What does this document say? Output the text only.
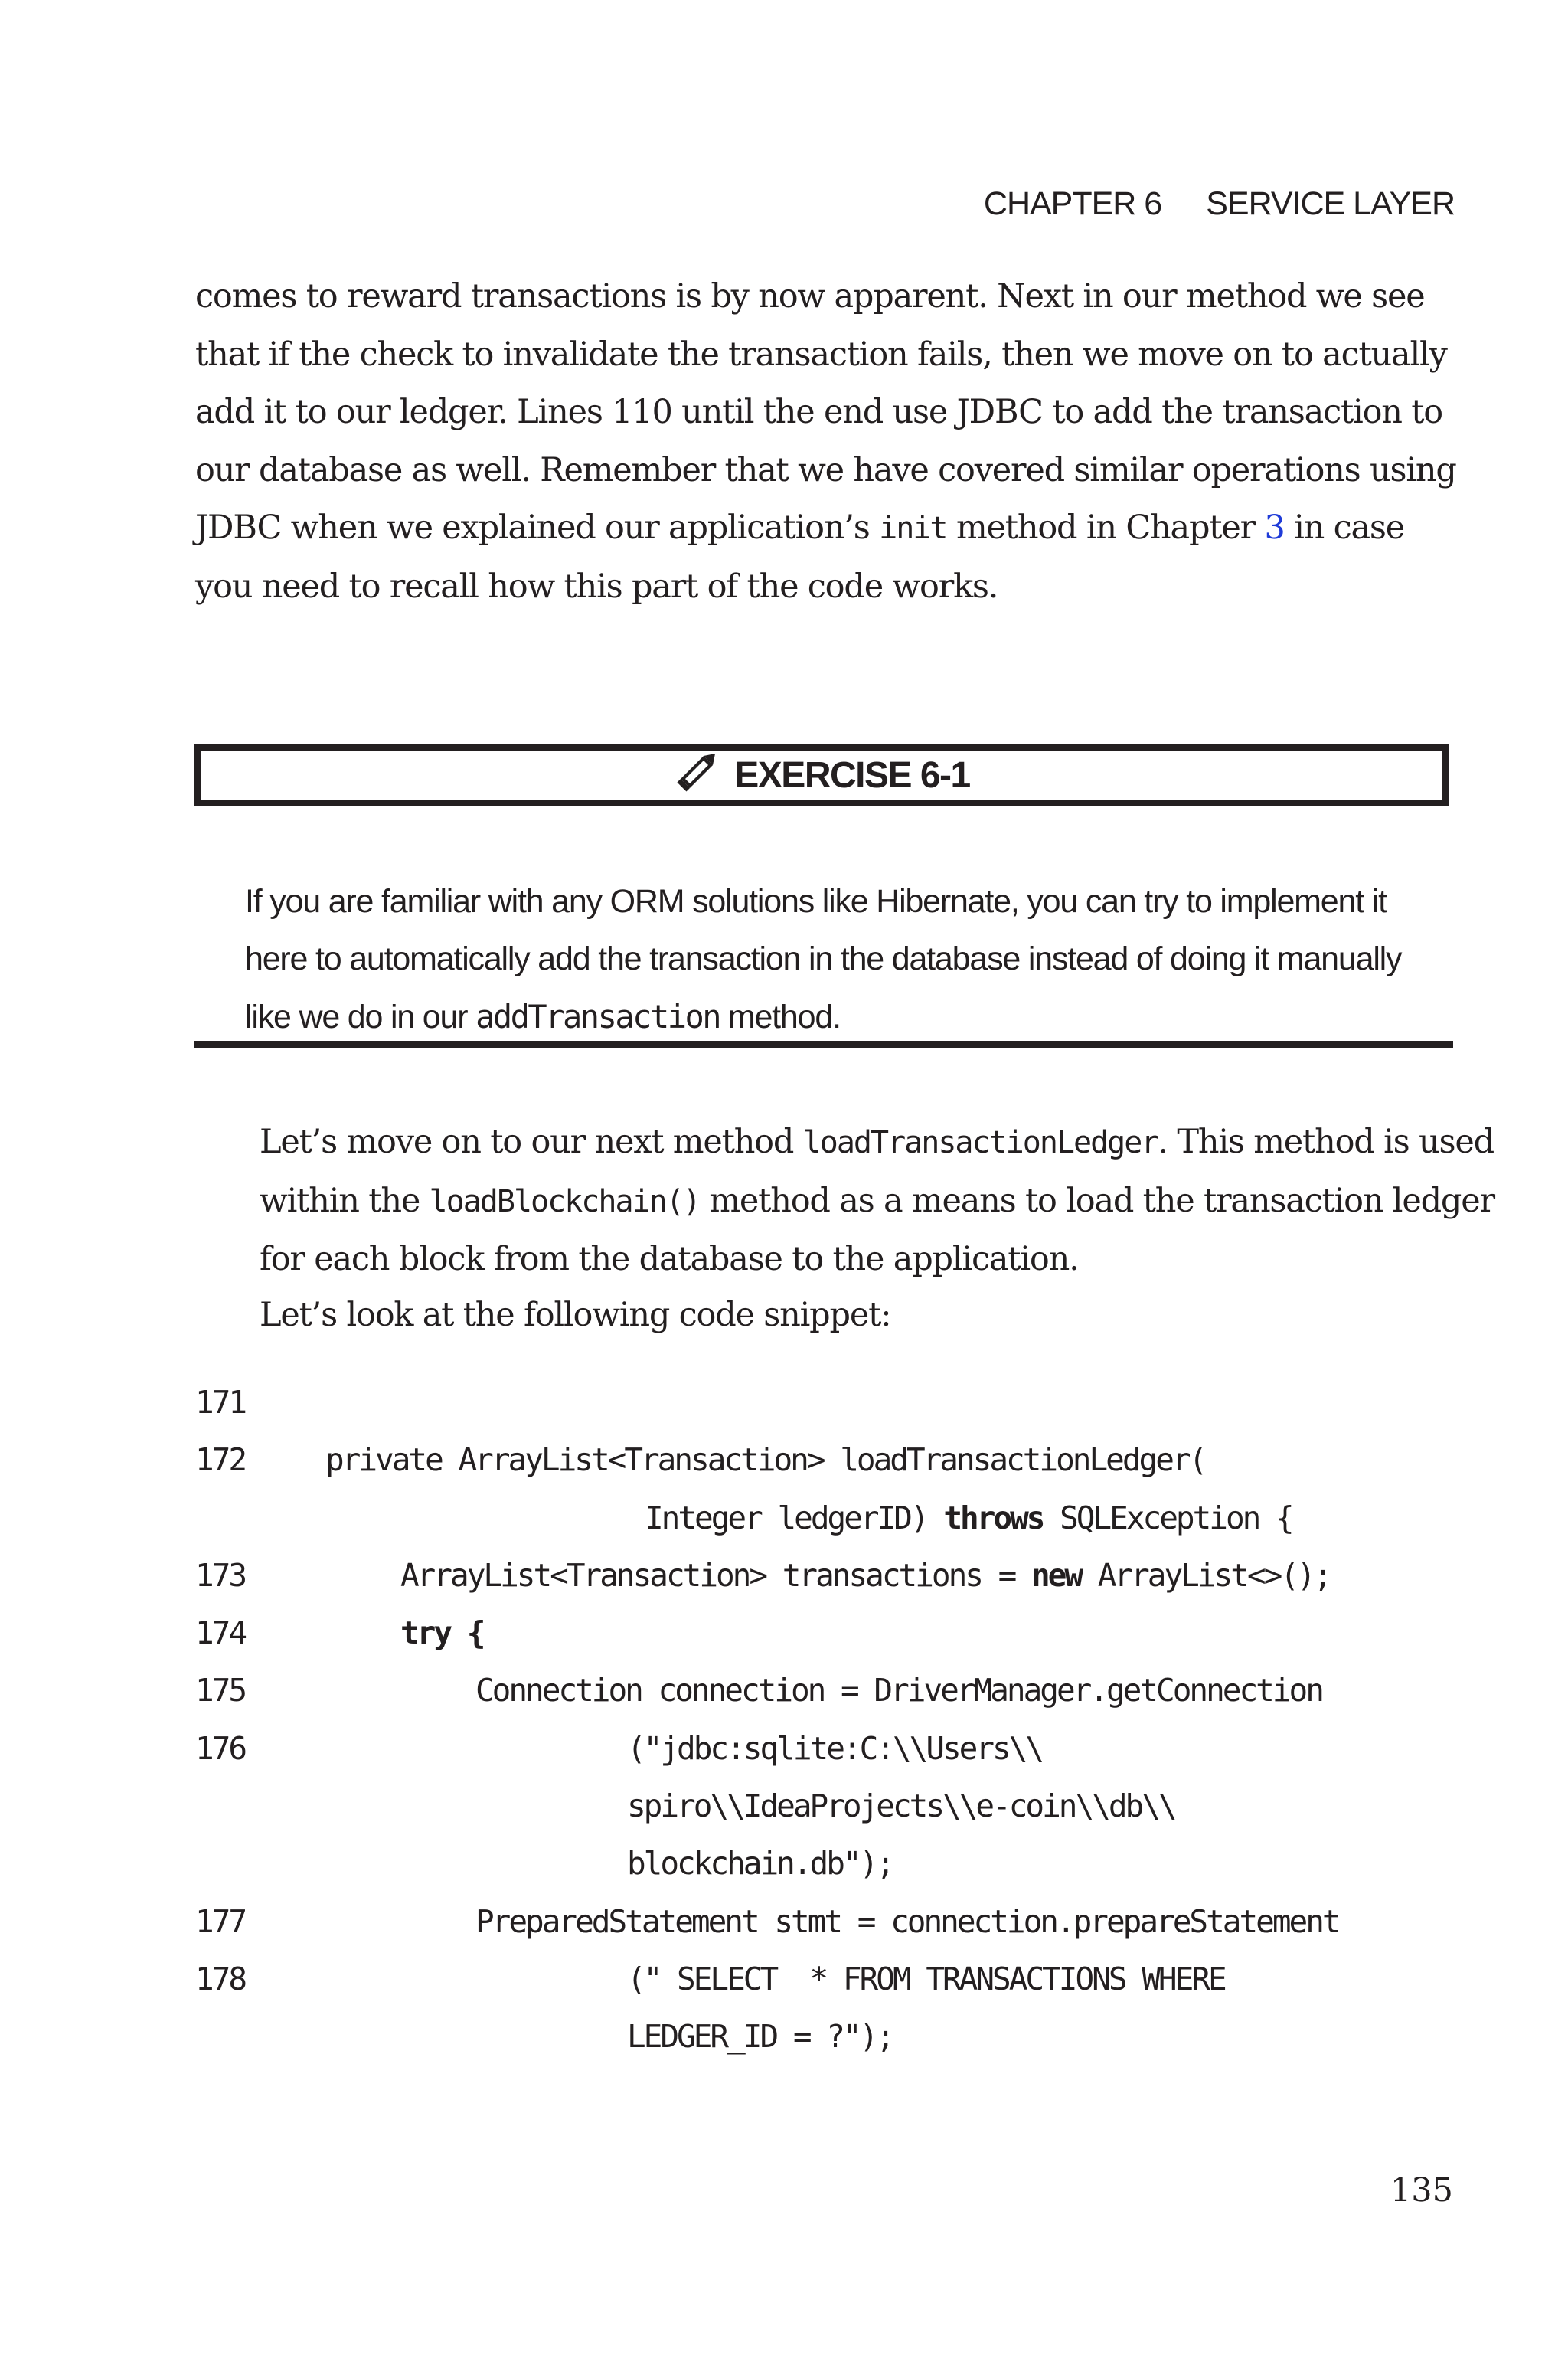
CHAPTER 6 SERVICE LAYER

comes to reward transactions is by now apparent. Next in our method we see that if the check to invalidate the transaction fails, then we move on to actually add it to our ledger. Lines 110 until the end use JDBC to add the transaction to our database as well. Remember that we have covered similar operations using JDBC when we explained our application’s init method in Chapter 3 in case you need to recall how this part of the code works.

EXERCISE 6-1

If you are familiar with any ORM solutions like Hibernate, you can try to implement it here to automatically add the transaction in the database instead of doing it manually like we do in our addTransaction method.

Let’s move on to our next method loadTransactionLedger. This method is used within the loadBlockchain() method as a means to load the transaction ledger for each block from the database to the application.

Let’s look at the following code snippet:

171

172

	private ArrayList<Transaction> loadTransactionLedger(

Integer ledgerID) throws SQLException {

173

	ArrayList<Transaction> transactions = new ArrayList<>();

174

	try {

175

	Connection connection = DriverManager.getConnection

176

	("jdbc:sqlite:C:\\Users\\

spiro\\IdeaProjects\\e-coin\\db\\

blockchain.db");

177

	PreparedStatement stmt = connection.prepareStatement

178

	(" SELECT  * FROM TRANSACTIONS WHERE

LEDGER_ID = ?");

135
